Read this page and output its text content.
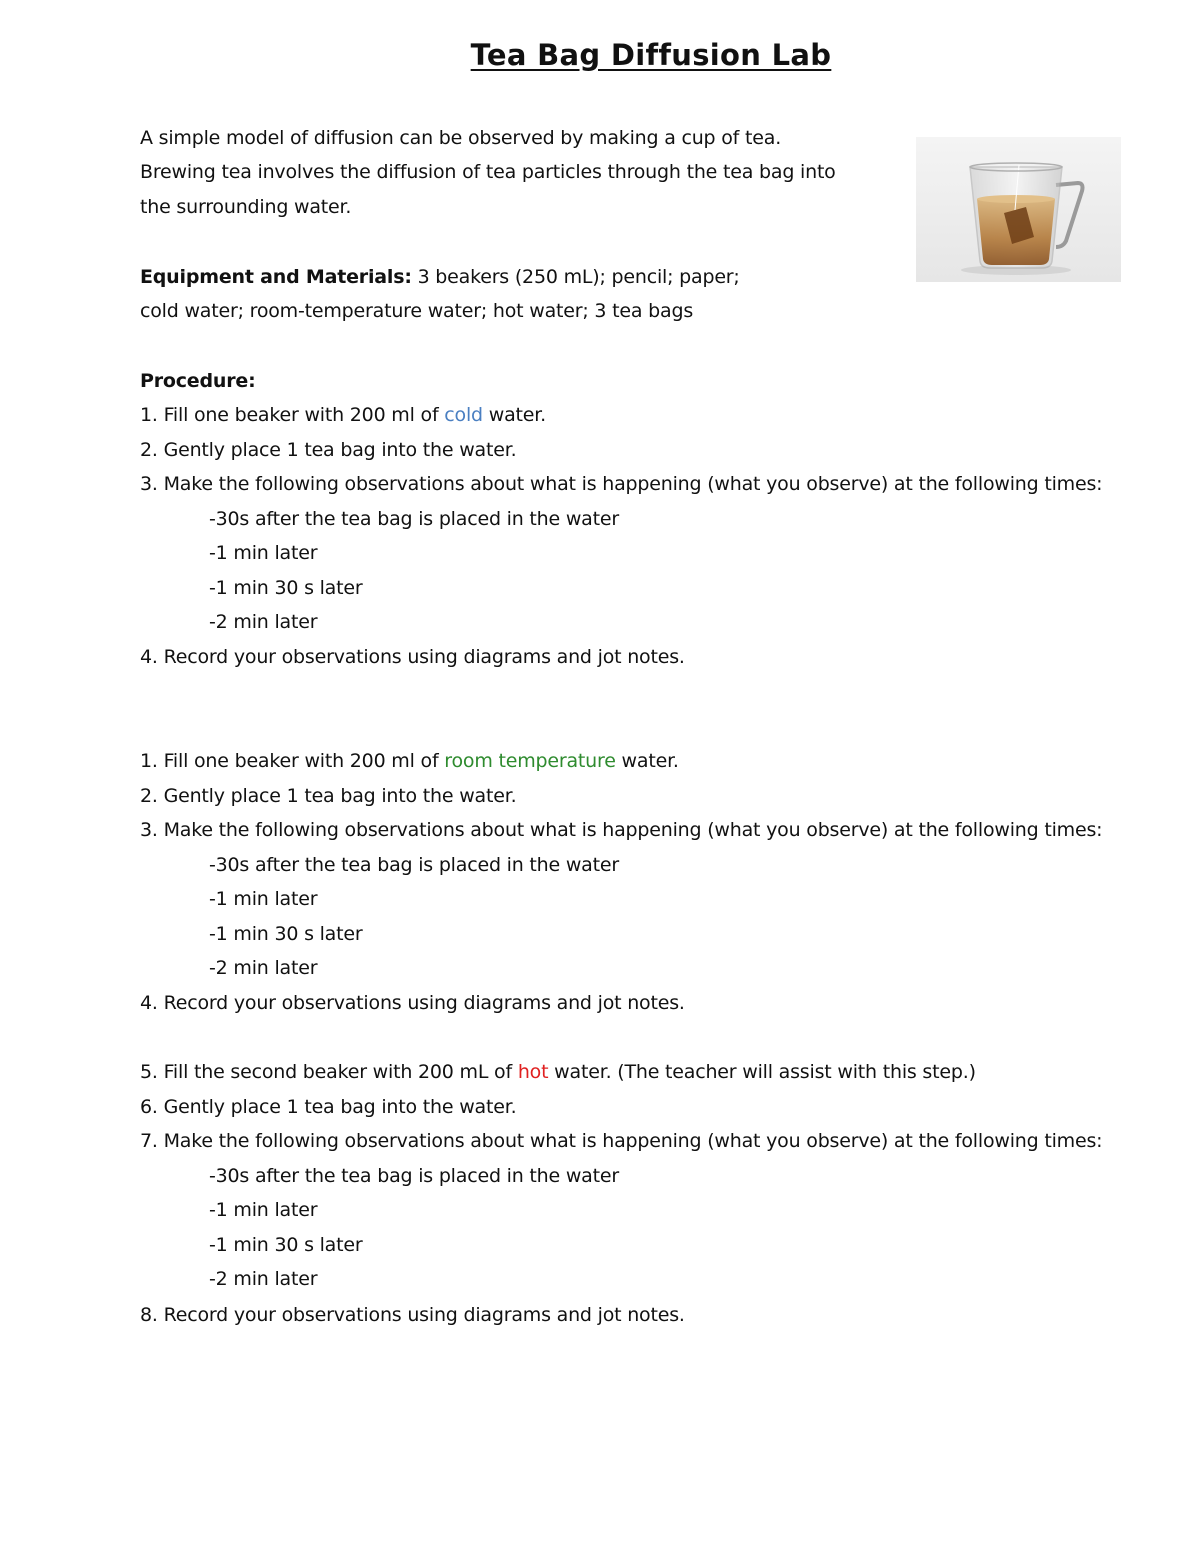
Tea Bag Diffusion Lab
A simple model of diffusion can be observed by making a cup of tea.
Brewing tea involves the diffusion of tea particles through the tea bag into
the surrounding water.
Equipment and Materials: 3 beakers (250 mL); pencil; paper;
cold water; room-temperature water; hot water; 3 tea bags
Procedure:
1. Fill one beaker with 200 ml of cold water.
2. Gently place 1 tea bag into the water.
3. Make the following observations about what is happening (what you observe) at the following times:
-30s after the tea bag is placed in the water
-1 min later
-1 min 30 s later
-2 min later
4. Record your observations using diagrams and jot notes.
1. Fill one beaker with 200 ml of room temperature water.
2. Gently place 1 tea bag into the water.
3. Make the following observations about what is happening (what you observe) at the following times:
-30s after the tea bag is placed in the water
-1 min later
-1 min 30 s later
-2 min later
4. Record your observations using diagrams and jot notes.
5. Fill the second beaker with 200 mL of hot water. (The teacher will assist with this step.)
6. Gently place 1 tea bag into the water.
7. Make the following observations about what is happening (what you observe) at the following times:
-30s after the tea bag is placed in the water
-1 min later
-1 min 30 s later
-2 min later
8. Record your observations using diagrams and jot notes.
